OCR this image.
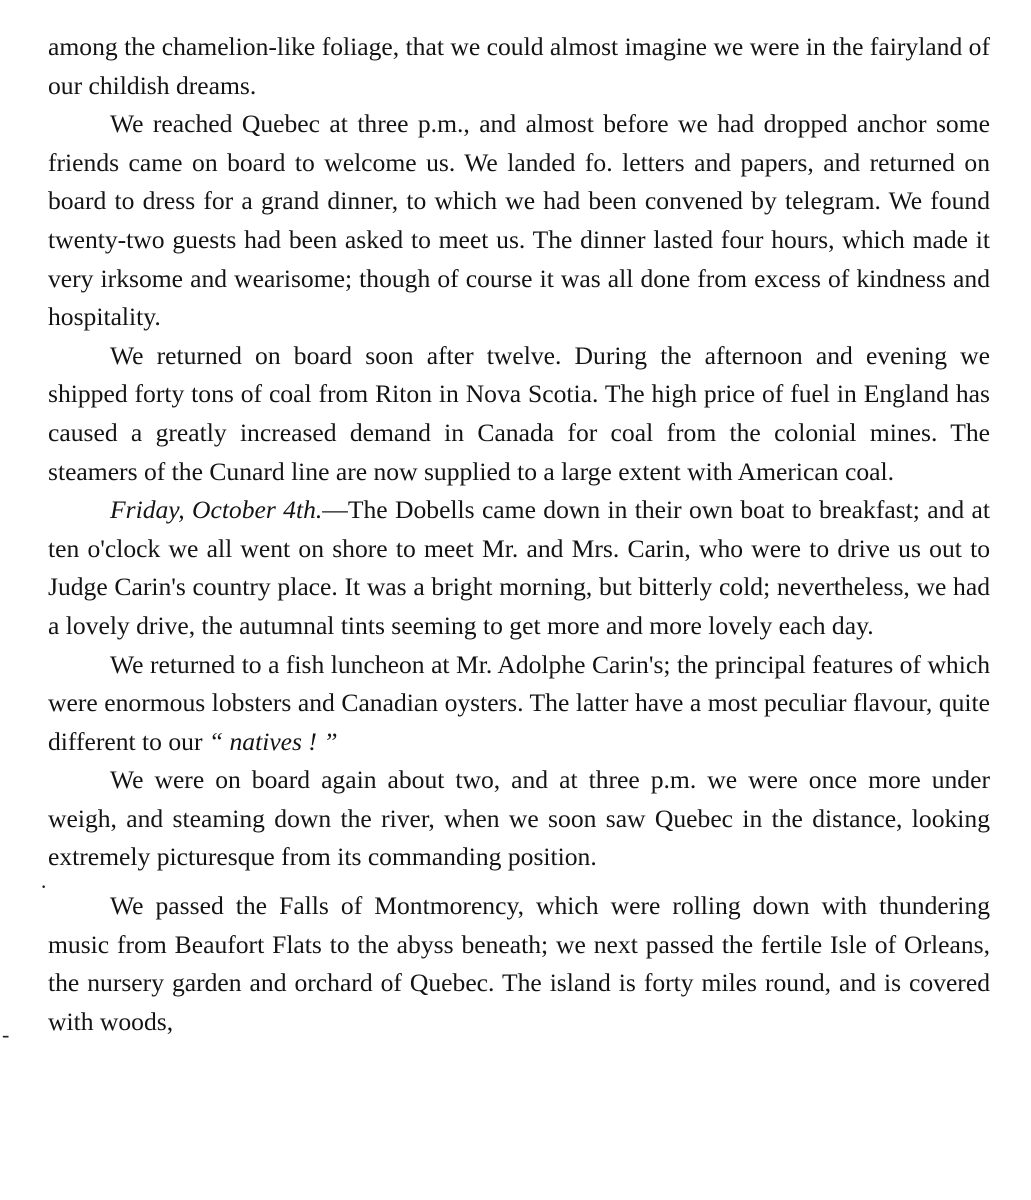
among the chamelion-like foliage, that we could almost imagine we were in the fairyland of our childish dreams.

We reached Quebec at three p.m., and almost before we had dropped anchor some friends came on board to welcome us. We landed fo. letters and papers, and returned on board to dress for a grand dinner, to which we had been convened by telegram. We found twenty-two guests had been asked to meet us. The dinner lasted four hours, which made it very irksome and wearisome; though of course it was all done from excess of kindness and hospitality.

We returned on board soon after twelve. During the afternoon and evening we shipped forty tons of coal from Riton in Nova Scotia. The high price of fuel in England has caused a greatly increased demand in Canada for coal from the colonial mines. The steamers of the Cunard line are now supplied to a large extent with American coal.

Friday, October 4th.—The Dobells came down in their own boat to breakfast; and at ten o'clock we all went on shore to meet Mr. and Mrs. Carin, who were to drive us out to Judge Carin's country place. It was a bright morning, but bitterly cold; nevertheless, we had a lovely drive, the autumnal tints seeming to get more and more lovely each day.

We returned to a fish luncheon at Mr. Adolphe Carin's; the principal features of which were enormous lobsters and Canadian oysters. The latter have a most peculiar flavour, quite different to our “ natives ! ”

We were on board again about two, and at three p.m. we were once more under weigh, and steaming down the river, when we soon saw Quebec in the distance, looking extremely picturesque from its commanding position.

We passed the Falls of Montmorency, which were rolling down with thundering music from Beaufort Flats to the abyss beneath; we next passed the fertile Isle of Orleans, the nursery garden and orchard of Quebec. The island is forty miles round, and is covered with woods,

·
-
